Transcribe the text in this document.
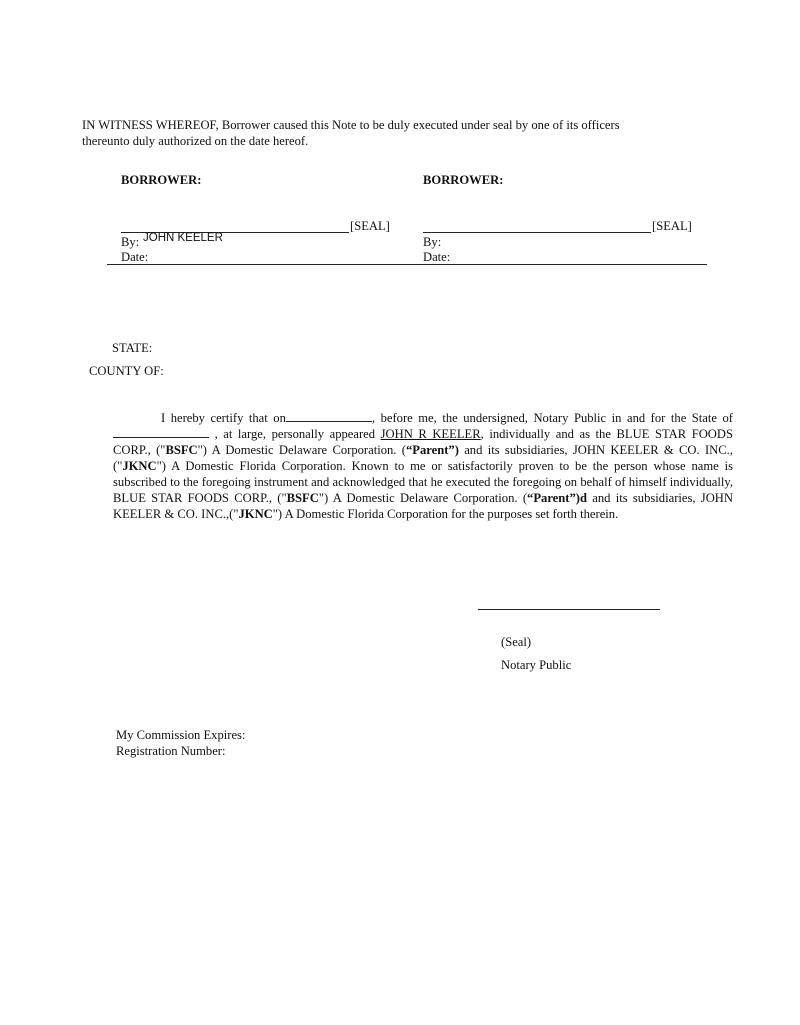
IN WITNESS WHEREOF, Borrower caused this Note to be duly executed under seal by one of its officers
thereunto duly authorized on the date hereof.
BORROWER:
[SEAL]
By: JOHN KEELER
Date:
BORROWER:
[SEAL]
By:
Date:
STATE:
COUNTY OF:
I hereby certify that on	, before me, the undersigned, Notary Public in and for the State of , at large, personally appeared JOHN R KEELER, individually and as the BLUE STAR FOODS CORP., ("BSFC") A Domestic Delaware Corporation. (“Parent”) and its subsidiaries, JOHN KEELER & CO. INC.,("JKNC") A Domestic Florida Corporation. Known to me or satisfactorily proven to be the person whose name is subscribed to the foregoing instrument and acknowledged that he executed the foregoing on behalf of himself individually, BLUE STAR FOODS CORP., ("BSFC") A Domestic Delaware Corporation. (“Parent”)d and its subsidiaries, JOHN KEELER & CO. INC.,("JKNC") A Domestic Florida Corporation for the purposes set forth therein.
(Seal)
Notary Public
My Commission Expires:
Registration Number:
